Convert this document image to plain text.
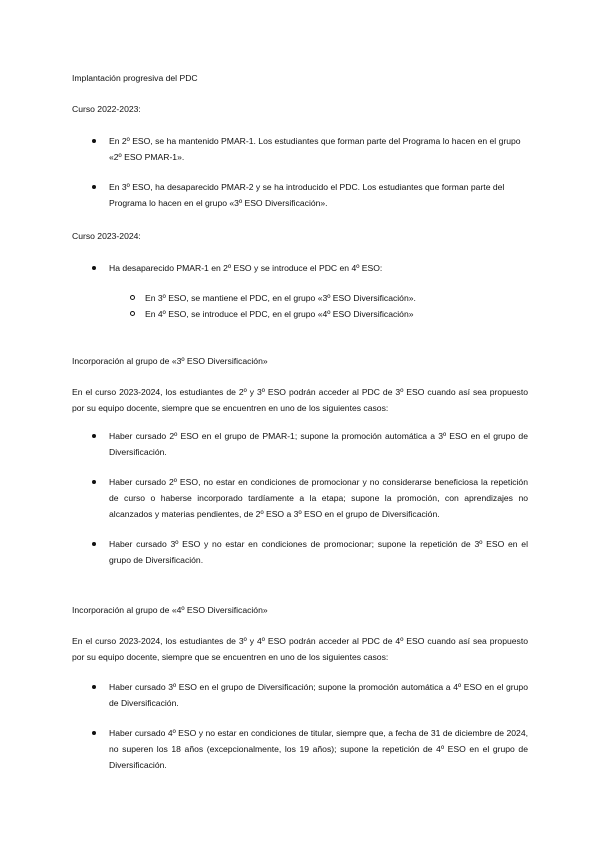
Implantación progresiva del PDC

Curso 2022-2023:

En 2º ESO, se ha mantenido PMAR-1. Los estudiantes que forman parte del Programa lo hacen en el grupo «2º ESO PMAR-1».
En 3º ESO, ha desaparecido PMAR-2 y se ha introducido el PDC. Los estudiantes que forman parte del Programa lo hacen en el grupo «3º ESO Diversificación».

Curso 2023-2024:

Ha desaparecido PMAR-1 en 2º ESO y se introduce el PDC en 4º ESO:
En 3º ESO, se mantiene el PDC, en el grupo «3º ESO Diversificación».
En 4º ESO, se introduce el PDC, en el grupo «4º ESO Diversificación»

Incorporación al grupo de «3º ESO Diversificación»

En el curso 2023-2024, los estudiantes de 2º y 3º ESO podrán acceder al PDC de 3º ESO cuando así sea propuesto por su equipo docente, siempre que se encuentren en uno de los siguientes casos:

Haber cursado 2º ESO en el grupo de PMAR-1; supone la promoción automática a 3º ESO en el grupo de Diversificación.
Haber cursado 2º ESO, no estar en condiciones de promocionar y no considerarse beneficiosa la repetición de curso o haberse incorporado tardíamente a la etapa; supone la promoción, con aprendizajes no alcanzados y materias pendientes, de 2º ESO a 3º ESO en el grupo de Diversificación.
Haber cursado 3º ESO y no estar en condiciones de promocionar; supone la repetición de 3º ESO en el grupo de Diversificación.

Incorporación al grupo de «4º ESO Diversificación»

En el curso 2023-2024, los estudiantes de 3º y 4º ESO podrán acceder al PDC de 4º ESO cuando así sea propuesto por su equipo docente, siempre que se encuentren en uno de los siguientes casos:

Haber cursado 3º ESO en el grupo de Diversificación; supone la promoción automática a 4º ESO en el grupo de Diversificación.
Haber cursado 4º ESO y no estar en condiciones de titular, siempre que, a fecha de 31 de diciembre de 2024, no superen los 18 años (excepcionalmente, los 19 años); supone la repetición de 4º ESO en el grupo de Diversificación.
